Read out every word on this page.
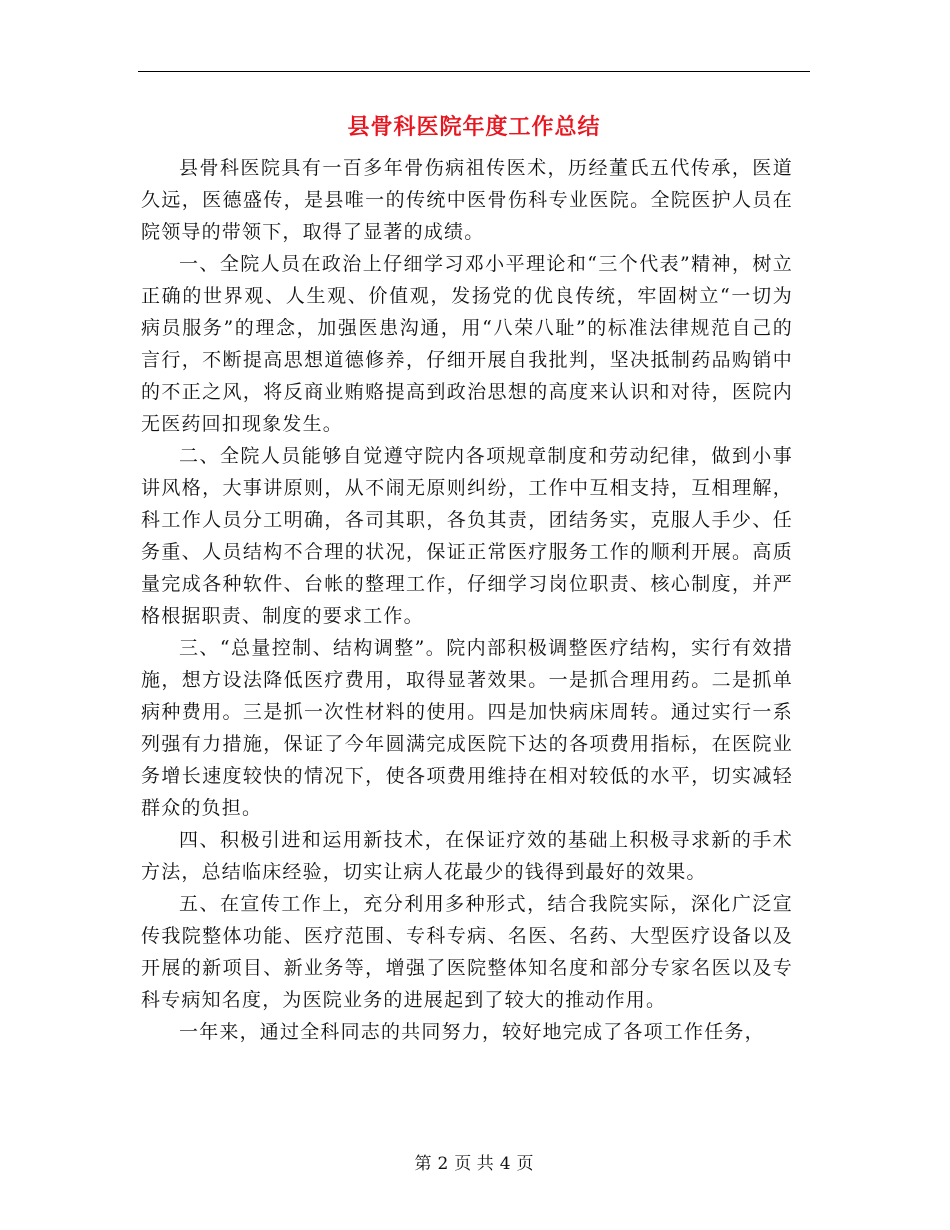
县骨科医院年度工作总结

县骨科医院具有一百多年骨伤病祖传医术，历经董氏五代传承，医道久远，医德盛传，是县唯一的传统中医骨伤科专业医院。全院医护人员在院领导的带领下，取得了显著的成绩。

一、全院人员在政治上仔细学习邓小平理论和“三个代表”精神，树立正确的世界观、人生观、价值观，发扬党的优良传统，牢固树立“一切为病员服务”的理念，加强医患沟通，用“八荣八耻”的标准法律规范自己的言行，不断提高思想道德修养，仔细开展自我批判，坚决抵制药品购销中的不正之风，将反商业贿赂提高到政治思想的高度来认识和对待，医院内无医药回扣现象发生。

二、全院人员能够自觉遵守院内各项规章制度和劳动纪律，做到小事讲风格，大事讲原则，从不闹无原则纠纷，工作中互相支持，互相理解，科工作人员分工明确，各司其职，各负其责，团结务实，克服人手少、任务重、人员结构不合理的状况，保证正常医疗服务工作的顺利开展。高质量完成各种软件、台帐的整理工作，仔细学习岗位职责、核心制度，并严格根据职责、制度的要求工作。

三、“总量控制、结构调整”。院内部积极调整医疗结构，实行有效措施，想方设法降低医疗费用，取得显著效果。一是抓合理用药。二是抓单病种费用。三是抓一次性材料的使用。四是加快病床周转。通过实行一系列强有力措施，保证了今年圆满完成医院下达的各项费用指标，在医院业务增长速度较快的情况下，使各项费用维持在相对较低的水平，切实减轻群众的负担。

四、积极引进和运用新技术，在保证疗效的基础上积极寻求新的手术方法，总结临床经验，切实让病人花最少的钱得到最好的效果。

五、在宣传工作上，充分利用多种形式，结合我院实际，深化广泛宣传我院整体功能、医疗范围、专科专病、名医、名药、大型医疗设备以及开展的新项目、新业务等，增强了医院整体知名度和部分专家名医以及专科专病知名度，为医院业务的进展起到了较大的推动作用。

一年来，通过全科同志的共同努力，较好地完成了各项工作任务，

第 2 页 共 4 页
